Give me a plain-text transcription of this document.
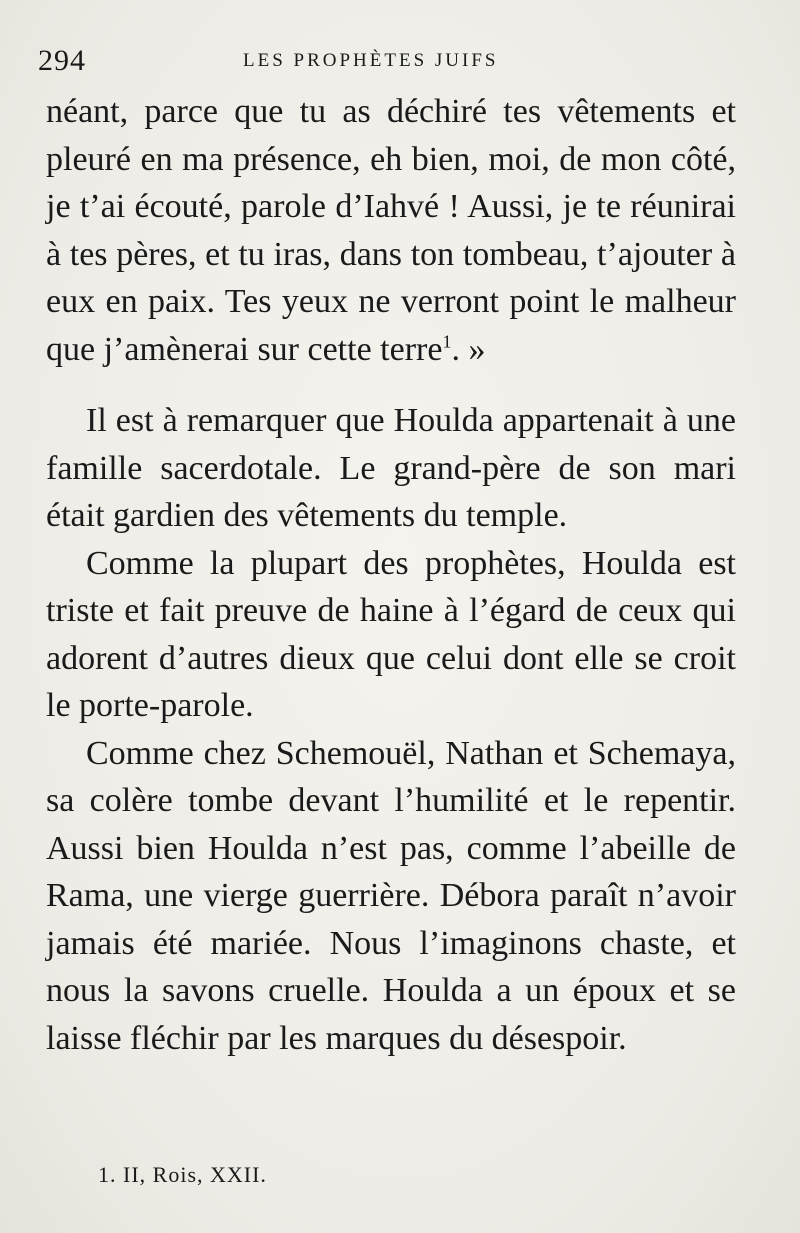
294	LES PROPHÈTES JUIFS

néant, parce que tu as déchiré tes vêtements et pleuré en ma présence, eh bien, moi, de mon côté, je t’ai écouté, parole d’Iahvé ! Aussi, je te réunirai à tes pères, et tu iras, dans ton tombeau, t’ajouter à eux en paix. Tes yeux ne verront point le malheur que j’amènerai sur cette terre$^1$. »

Il est à remarquer que Houlda appartenait à une famille sacerdotale. Le grand-père de son mari était gardien des vêtements du temple.

Comme la plupart des prophètes, Houlda est triste et fait preuve de haine à l’égard de ceux qui adorent d’autres dieux que celui dont elle se croit le porte-parole.

Comme chez Schemouël, Nathan et Schemaya, sa colère tombe devant l’humilité et le repentir. Aussi bien Houlda n’est pas, comme l’abeille de Rama, une vierge guerrière. Débora paraît n’avoir jamais été mariée. Nous l’imaginons chaste, et nous la savons cruelle. Houlda a un époux et se laisse fléchir par les marques du désespoir.

1. II, Rois, XXII.
